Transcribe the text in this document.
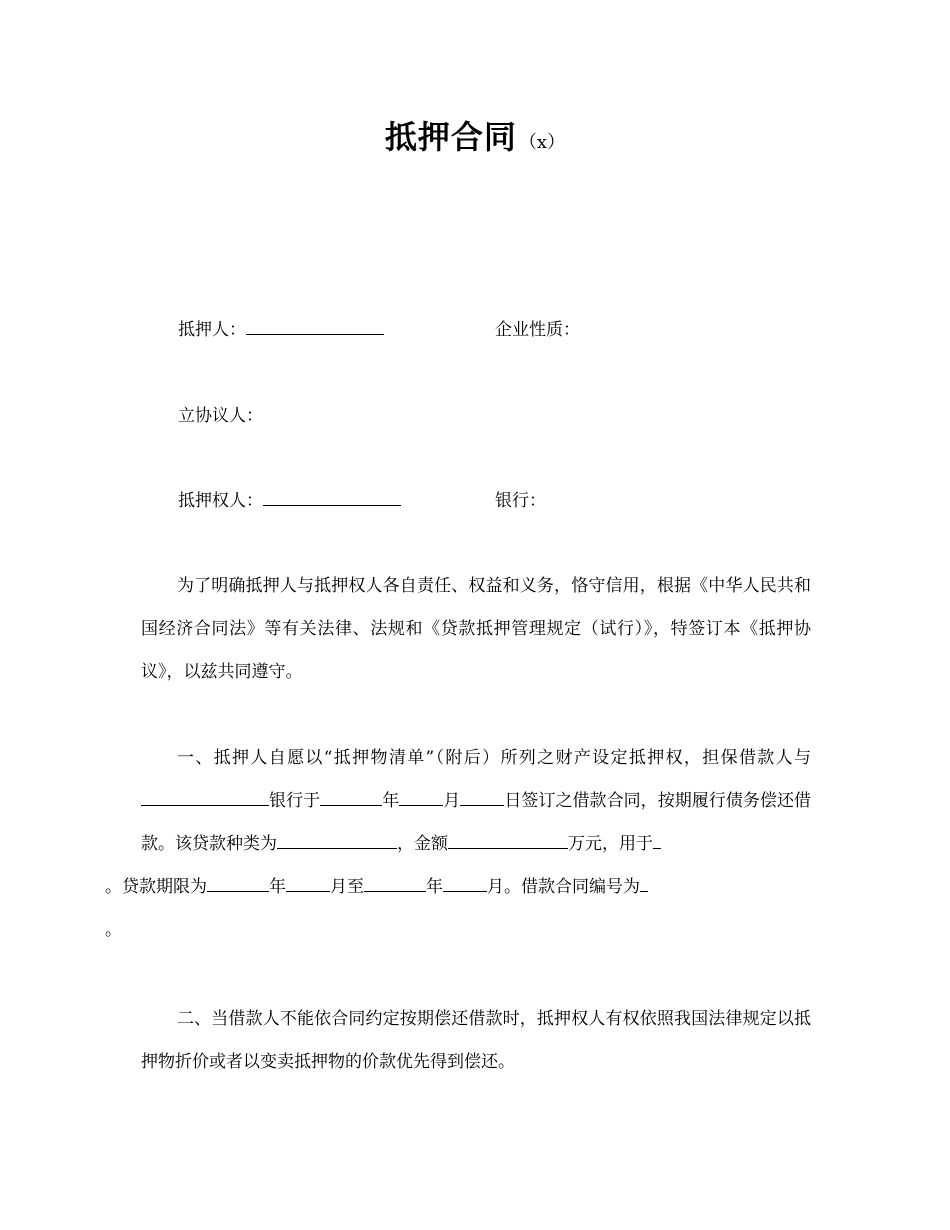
抵押合同 （x）
抵押人：	企业性质：
立协议人：
抵押权人：	银行：
为了明确抵押人与抵押权人各自责任、权益和义务，恪守信用，根据《中华人民共和国经济合同法》等有关法律、法规和《贷款抵押管理规定（试行）》，特签订本《抵押协议》，以兹共同遵守。
一、抵押人自愿以“抵押物清单”（附后）所列之财产设定抵押权，担保借款人与银行于	年	月	日签订之借款合同，按期履行债务偿还借款。该贷款种类为	，金额	万元，用于
。贷款期限为	年	月至	年	月。借款合同编号为
。
二、当借款人不能依合同约定按期偿还借款时，抵押权人有权依照我国法律规定以抵押物折价或者以变卖抵押物的价款优先得到偿还。
